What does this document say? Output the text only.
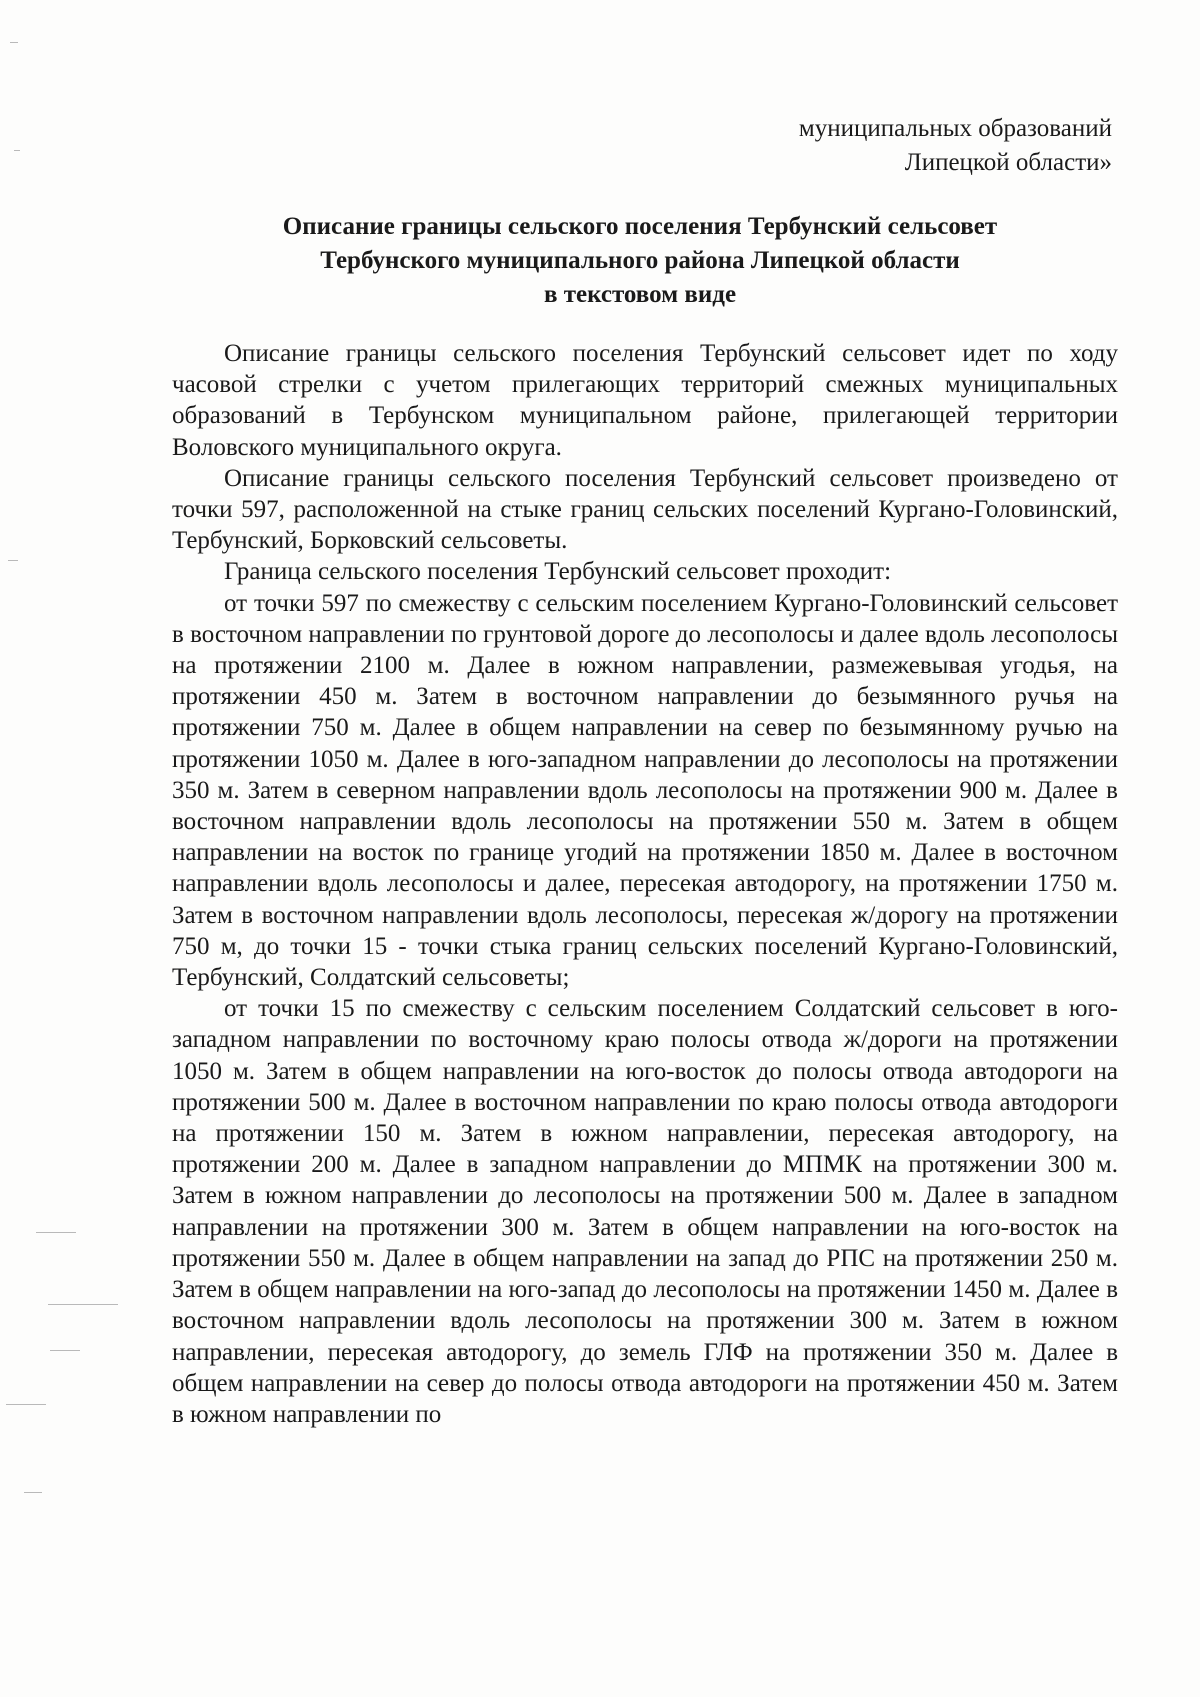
муниципальных образований
Липецкой области»
Описание границы сельского поселения Тербунский сельсовет
Тербунского муниципального района Липецкой области
в текстовом виде

Описание границы сельского поселения Тербунский сельсовет идет по ходу часовой стрелки с учетом прилегающих территорий смежных муниципальных образований в Тербунском муниципальном районе, прилегающей территории Воловского муниципального округа.

Описание границы сельского поселения Тербунский сельсовет произведено от точки 597, расположенной на стыке границ сельских поселений Кургано-Головинский, Тербунский, Борковский сельсоветы.

Граница сельского поселения Тербунский сельсовет проходит:

от точки 597 по смежеству с сельским поселением Кургано-Головинский сельсовет в восточном направлении по грунтовой дороге до лесополосы и далее вдоль лесополосы на протяжении 2100 м. Далее в южном направлении, размежевывая угодья, на протяжении 450 м. Затем в восточном направлении до безымянного ручья на протяжении 750 м. Далее в общем направлении на север по безымянному ручью на протяжении 1050 м. Далее в юго-западном направлении до лесополосы на протяжении 350 м. Затем в северном направлении вдоль лесополосы на протяжении 900 м. Далее в восточном направлении вдоль лесополосы на протяжении 550 м. Затем в общем направлении на восток по границе угодий на протяжении 1850 м. Далее в восточном направлении вдоль лесополосы и далее, пересекая автодорогу, на протяжении 1750 м. Затем в восточном направлении вдоль лесополосы, пересекая ж/дорогу на протяжении 750 м, до точки 15 - точки стыка границ сельских поселений Кургано-Головинский, Тербунский, Солдатский сельсоветы;

от точки 15 по смежеству с сельским поселением Солдатский сельсовет в юго-западном направлении по восточному краю полосы отвода ж/дороги на протяжении 1050 м. Затем в общем направлении на юго-восток до полосы отвода автодороги на протяжении 500 м. Далее в восточном направлении по краю полосы отвода автодороги на протяжении 150 м. Затем в южном направлении, пересекая автодорогу, на протяжении 200 м. Далее в западном направлении до МПМК на протяжении 300 м. Затем в южном направлении до лесополосы на протяжении 500 м. Далее в западном направлении на протяжении 300 м. Затем в общем направлении на юго-восток на протяжении 550 м. Далее в общем направлении на запад до РПС на протяжении 250 м. Затем в общем направлении на юго-запад до лесополосы на протяжении 1450 м. Далее в восточном направлении вдоль лесополосы на протяжении 300 м. Затем в южном направлении, пересекая автодорогу, до земель ГЛФ на протяжении 350 м. Далее в общем направлении на север до полосы отвода автодороги на протяжении 450 м. Затем в южном направлении по
